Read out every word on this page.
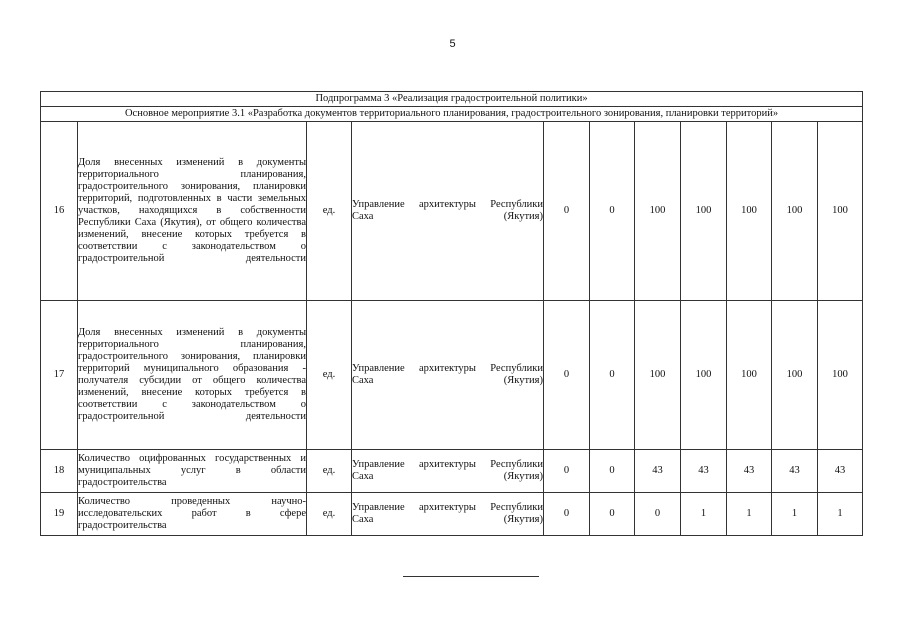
5
Подпрограмма 3 «Реализация градостроительной политики»										
Основное мероприятие 3.1 «Разработка документов территориального планирования, градостроительного зонирования, планировки территорий»										
16	Доля внесенных изменений в документы территориального планирования, градостроительного зонирования, планировки территорий, подготовленных в части земельных участков, находящихся в собственности Республики Саха (Якутия), от общего количества изменений, внесение которых требуется в соответствии с законодательством о градостроительной деятельности	ед.	Управление архитектуры Республики Саха (Якутия)	0	0	100	100	100	100	100
17	Доля внесенных изменений в документы территориального планирования, градостроительного зонирования, планировки территорий муниципального образования - получателя субсидии от общего количества изменений, внесение которых требуется в соответствии с законодательством о градостроительной деятельности	ед.	Управление архитектуры Республики Саха (Якутия)	0	0	100	100	100	100	100
18	Количество оцифрованных государственных и муниципальных услуг в области градостроительства	ед.	Управление архитектуры Республики Саха (Якутия)	0	0	43	43	43	43	43
19	Количество проведенных научно-исследовательских работ в сфере градостроительства	ед.	Управление архитектуры Республики Саха (Якутия)	0	0	0	1	1	1	1
